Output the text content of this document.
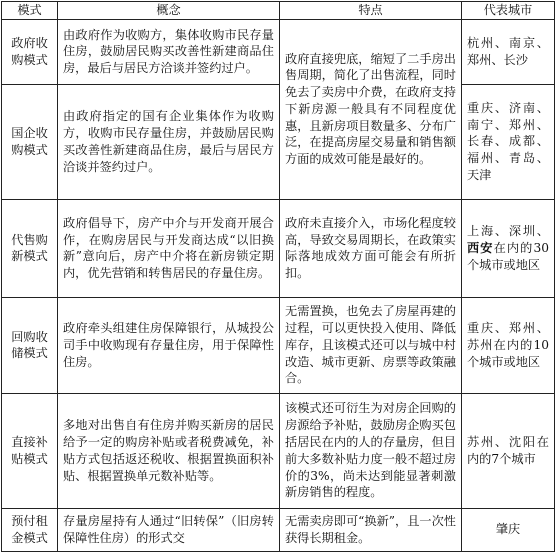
模式	概念	特点	代表城市
政府收购模式	由政府作为收购方，集体收购市民存量住房，鼓励居民购买改善性新建商品住房，最后与居民方洽谈并签约过户。	政府直接兜底，缩短了二手房出售周期，简化了出售流程，同时免去了卖房中介费，在政府支持下新房源一般具有不同程度优惠，且新房项目数量多、分布广泛，在提高房屋交易量和销售额方面的成效可能是最好的。	杭州、南京、郑州、长沙
国企收购模式	由政府指定的国有企业集体作为收购方，收购市民存量住房，并鼓励居民购买改善性新建商品住房，最后与居民方洽谈并签约过户。		重庆、济南、南宁、郑州、长春、成都、福州、青岛、天津
代售购新模式	政府倡导下，房产中介与开发商开展合作，在购房居民与开发商达成“以旧换新”意向后，房产中介将在新房锁定期内，优先营销和转售居民的存量住房。	政府未直接介入，市场化程度较高，导致交易周期长，在政策实际落地成效方面可能会有所折扣。	上海、深圳、西安在内的30个城市或地区
回购收储模式	政府牵头组建住房保障银行，从城投公司手中收购现有存量住房，用于保障性住房。	无需置换，也免去了房屋再建的过程，可以更快投入使用、降低库存，且该模式还可以与城中村改造、城市更新、房票等政策融合。	重庆、郑州、苏州在内的10个城市或地区
直接补贴模式	多地对出售自有住房并购买新房的居民给予一定的购房补贴或者税费减免，补贴方式包括返还税收、根据置换面积补贴、根据置换单元数补贴等。	该模式还可衍生为对房企回购的房源给予补贴，鼓励房企购买包括居民在内的人的存量房，但目前大多数补贴力度一般不超过房价的3%，尚未达到能显著刺激新房销售的程度。	苏州、沈阳在内的7个城市
预付租金模式	存量房屋持有人通过“旧转保”（旧房转保障性住房）的形式交	无需卖房即可“换新”，且一次性获得长期租金。	肇庆
